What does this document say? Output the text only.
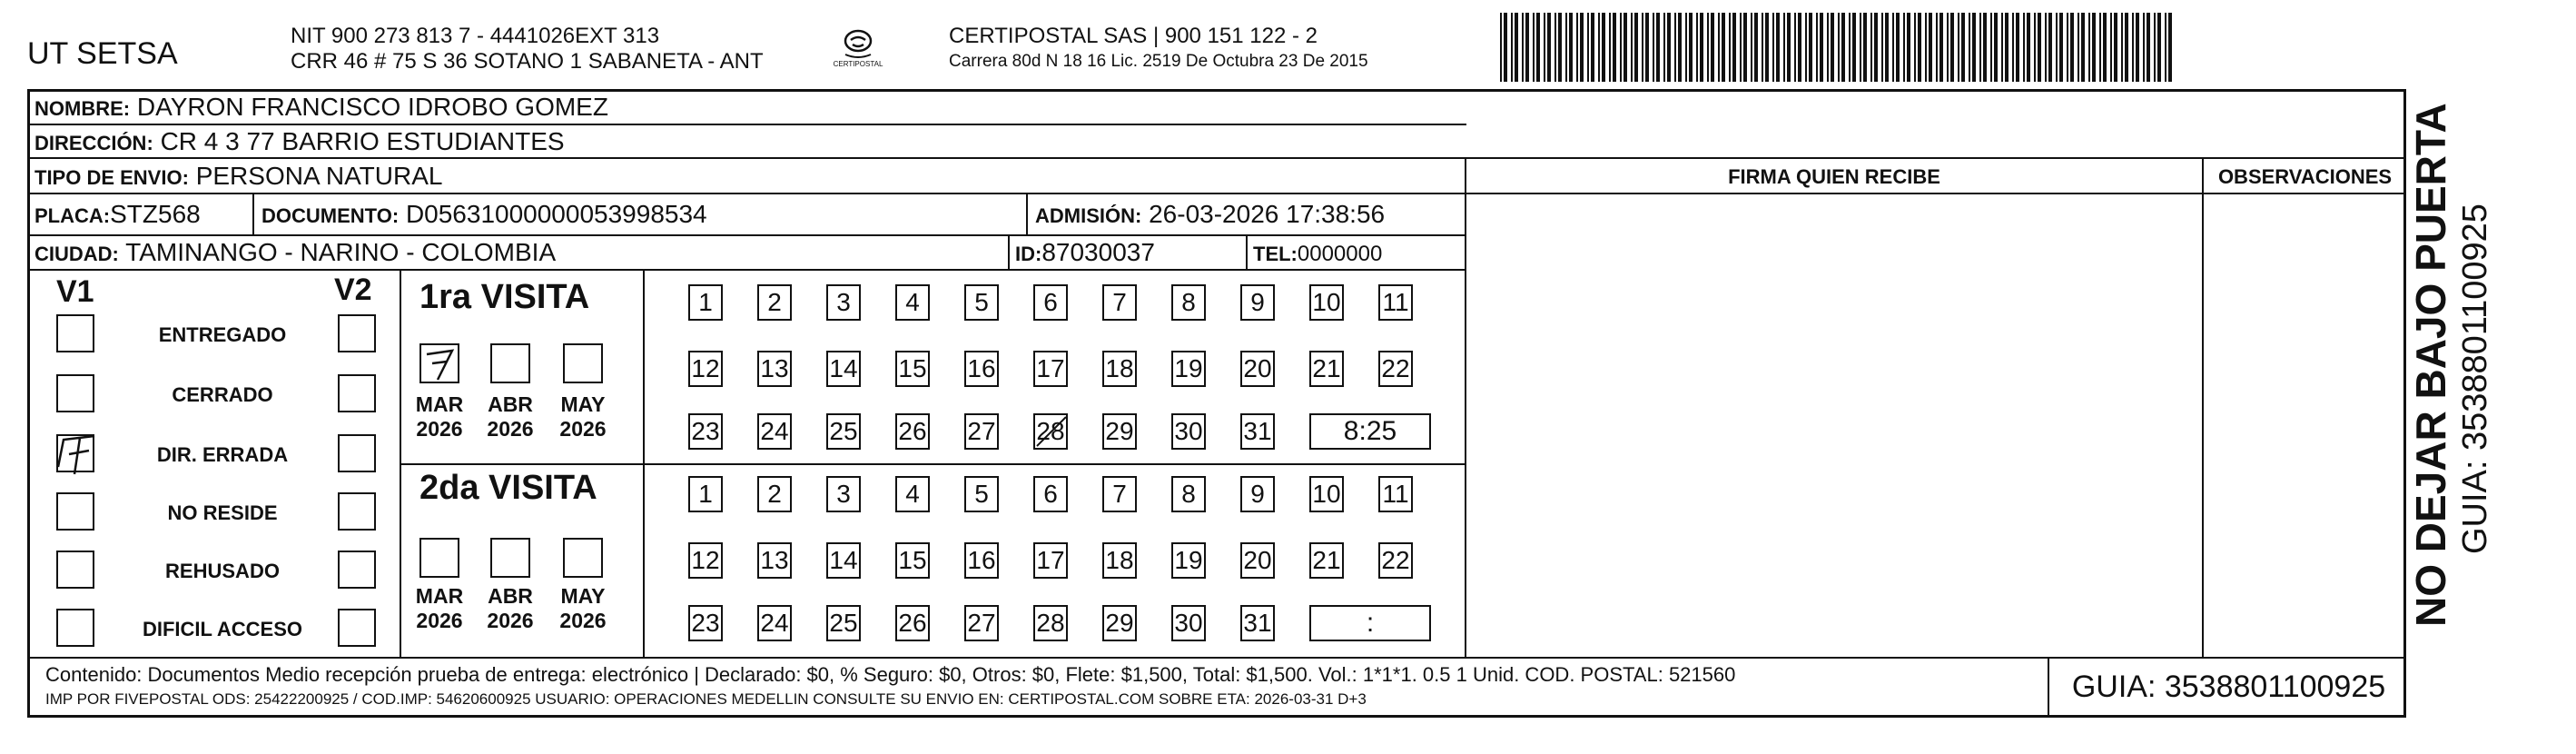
UT SETSA
NIT 900 273 813 7 - 4441026EXT 313
CRR 46 # 75 S 36 SOTANO 1 SABANETA - ANT	CERTIPOSTAL
CERTIPOSTAL SAS | 900 151 122 - 2
Carrera 80d N 18 16 Lic. 2519 De Octubra 23 De 2015
NOMBRE: DAYRON FRANCISCO IDROBO GOMEZ
DIRECCIÓN: CR 4 3 77 BARRIO ESTUDIANTES
TIPO DE ENVIO: PERSONA NATURAL	FIRMA QUIEN RECIBE	OBSERVACIONES
PLACA:STZ568	DOCUMENTO: D05631000000053998534	ADMISIÓN: 26-03-2026 17:38:56
CIUDAD: TAMINANGO - NARINO - COLOMBIA	ID:87030037	TEL:0000000
V1	V2
ENTREGADO
CERRADO
DIR. ERRADA
NO RESIDE
REHUSADO
DIFICIL ACCESO
1ra VISITA
2da VISITA
1	2	3	4	5	6	7	8	9	10 11
12 13 14 15 16 17 18 19 20 21 22
23 24 25 26 27 28 29 30 31	8:25
1	2	3	4	5	6	7	8	9	10 11
12 13 14 15 16 17 18 19 20 21 22
23 24 25 26 27 28 29 30 31	:
MAR
2026
ABR
2026
MAY
2026
MAR
2026
ABR
2026
MAY
2026
Contenido: Documentos Medio recepción prueba de entrega: electrónico | Declarado: $0, % Seguro: $0, Otros: $0, Flete: $1,500, Total: $1,500. Vol.: 1*1*1. 0.5 1 Unid. COD. POSTAL: 521560
IMP POR FIVEPOSTAL ODS: 25422200925 / COD.IMP: 54620600925 USUARIO: OPERACIONES MEDELLIN CONSULTE SU ENVIO EN: CERTIPOSTAL.COM SOBRE ETA: 2026-03-31 D+3	GUIA: 3538801100925
NO DEJAR BAJO PUERTA GUIA: 3538801100925
